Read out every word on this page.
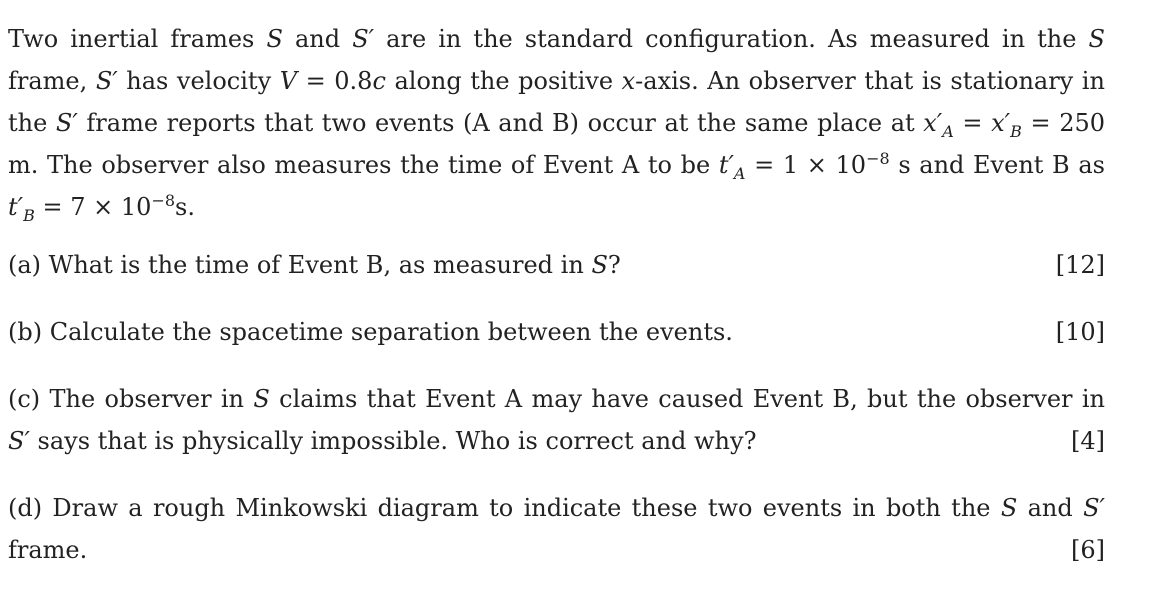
Two inertial frames S and S′ are in the standard configuration. As measured in the S frame, S′ has velocity V = 0.8c along the positive x-axis. An observer that is stationary in the S′ frame reports that two events (A and B) occur at the same place at $x'_A = x'_B = 250$ m. The observer also measures the time of Event A to be $t'_A = 1 \times 10^{-8}$ s and Event B as $t'_B = 7 \times 10^{-8}s$.

(a) What is the time of Event B, as measured in S?	[12]

(b) Calculate the spacetime separation between the events.	[10]

(c) The observer in S claims that Event A may have caused Event B, but the observer in S′ says that is physically impossible. Who is correct and why?	[4]

(d) Draw a rough Minkowski diagram to indicate these two events in both the S and S′ frame.	[6]
